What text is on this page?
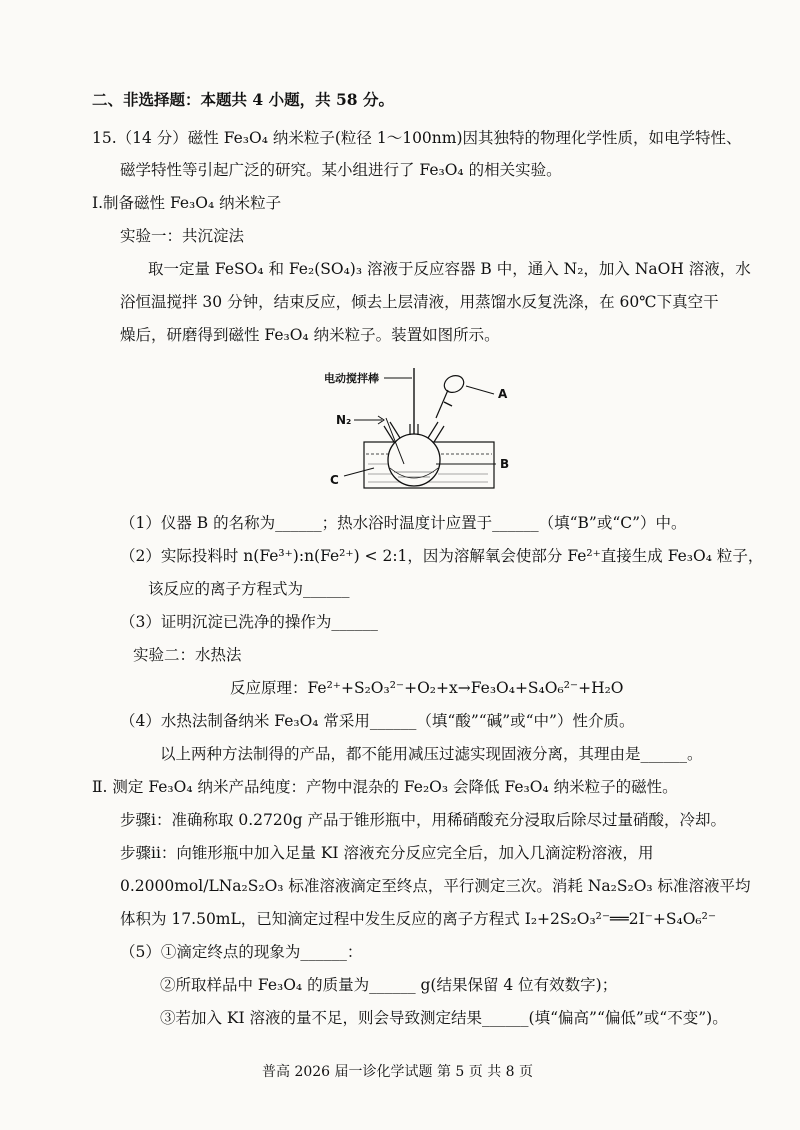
二、非选择题：本题共 4 小题，共 58 分。
15.（14 分）磁性 Fe₃O₄ 纳米粒子(粒径 1～100nm)因其独特的物理化学性质，如电学特性、
磁学特性等引起广泛的研究。某小组进行了 Fe₃O₄ 的相关实验。
Ⅰ.制备磁性 Fe₃O₄ 纳米粒子
实验一：共沉淀法
取一定量 FeSO₄ 和 Fe₂(SO₄)₃ 溶液于反应容器 B 中，通入 N₂，加入 NaOH 溶液，水
浴恒温搅拌 30 分钟，结束反应，倾去上层清液，用蒸馏水反复洗涤，在 60℃下真空干
燥后，研磨得到磁性 Fe₃O₄ 纳米粒子。装置如图所示。
电动搅拌棒
N₂
A
B
C
（1）仪器 B 的名称为______；热水浴时温度计应置于______（填“B”或“C”）中。
（2）实际投料时 n(Fe³⁺):n(Fe²⁺) < 2:1，因为溶解氧会使部分 Fe²⁺直接生成 Fe₃O₄ 粒子，
该反应的离子方程式为______
（3）证明沉淀已洗净的操作为______
实验二：水热法
反应原理：Fe²⁺+S₂O₃²⁻+O₂+x→Fe₃O₄+S₄O₆²⁻+H₂O
（4）水热法制备纳米 Fe₃O₄ 常采用______（填“酸”“碱”或“中”）性介质。
以上两种方法制得的产品，都不能用减压过滤实现固液分离，其理由是______。
Ⅱ. 测定 Fe₃O₄ 纳米产品纯度：产物中混杂的 Fe₂O₃ 会降低 Fe₃O₄ 纳米粒子的磁性。
步骤ⅰ：准确称取 0.2720g 产品于锥形瓶中，用稀硝酸充分浸取后除尽过量硝酸，冷却。
步骤ⅱ：向锥形瓶中加入足量 KI 溶液充分反应完全后，加入几滴淀粉溶液，用
0.2000mol/LNa₂S₂O₃ 标准溶液滴定至终点，平行测定三次。消耗 Na₂S₂O₃ 标准溶液平均
体积为 17.50mL，已知滴定过程中发生反应的离子方程式 I₂+2S₂O₃²⁻══2I⁻+S₄O₆²⁻
（5）①滴定终点的现象为______：
②所取样品中 Fe₃O₄ 的质量为______ g(结果保留 4 位有效数字)；
③若加入 KI 溶液的量不足，则会导致测定结果______(填“偏高”“偏低”或“不变”)。
普高 2026 届一诊化学试题 第 5 页 共 8 页
